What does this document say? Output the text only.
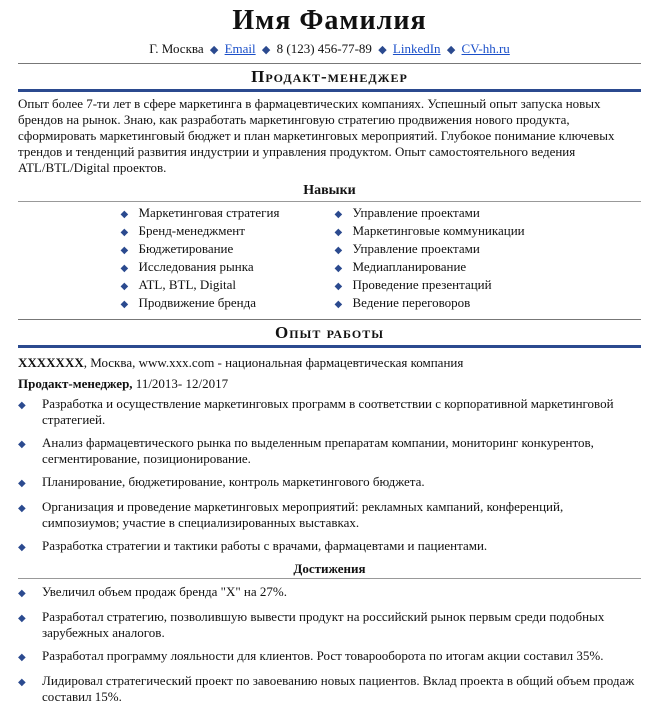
Имя Фамилия
Г. Москва ◆ Email ◆ 8 (123) 456-77-89 ◆ LinkedIn ◆ CV-hh.ru
Продакт-менеджер
Опыт более 7-ти лет в сфере маркетинга в фармацевтических компаниях. Успешный опыт запуска новых брендов на рынок. Знаю, как разработать маркетинговую стратегию продвижения нового продукта, сформировать маркетинговый бюджет и план маркетинговых мероприятий. Глубокое понимание ключевых трендов и тенденций развития индустрии и управления продуктом. Опыт самостоятельного ведения ATL/BTL/Digital проектов.
Навыки
◆ Маркетинговая стратегия
◆ Бренд-менеджмент
◆ Бюджетирование
◆ Исследования рынка
◆ ATL, BTL, Digital
◆ Продвижение бренда
◆ Управление проектами
◆ Маркетинговые коммуникации
◆ Управление проектами
◆ Медиапланирование
◆ Проведение презентаций
◆ Ведение переговоров
Опыт работы
XXXXXXX, Москва, www.xxx.com - национальная фармацевтическая компания
Продакт-менеджер, 11/2013- 12/2017
◆	Разработка и осуществление маркетинговых программ в соответствии с корпоративной маркетинговой стратегией.
◆	Анализ фармацевтического рынка по выделенным препаратам компании, мониторинг конкурентов, сегментирование, позиционирование.
◆	Планирование, бюджетирование, контроль маркетингового бюджета.
◆	Организация и проведение маркетинговых мероприятий: рекламных кампаний, конференций, симпозиумов; участие в специализированных выставках.
◆	Разработка стратегии и тактики работы с врачами, фармацевтами и пациентами.
Достижения
◆	Увеличил объем продаж бренда "X" на 27%.
◆	Разработал стратегию, позволившую вывести продукт на российский рынок первым среди подобных зарубежных аналогов.
◆	Разработал программу лояльности для клиентов. Рост товарооборота по итогам акции составил 35%.
◆	Лидировал стратегический проект по завоеванию новых пациентов. Вклад проекта в общий объем продаж составил 15%.
